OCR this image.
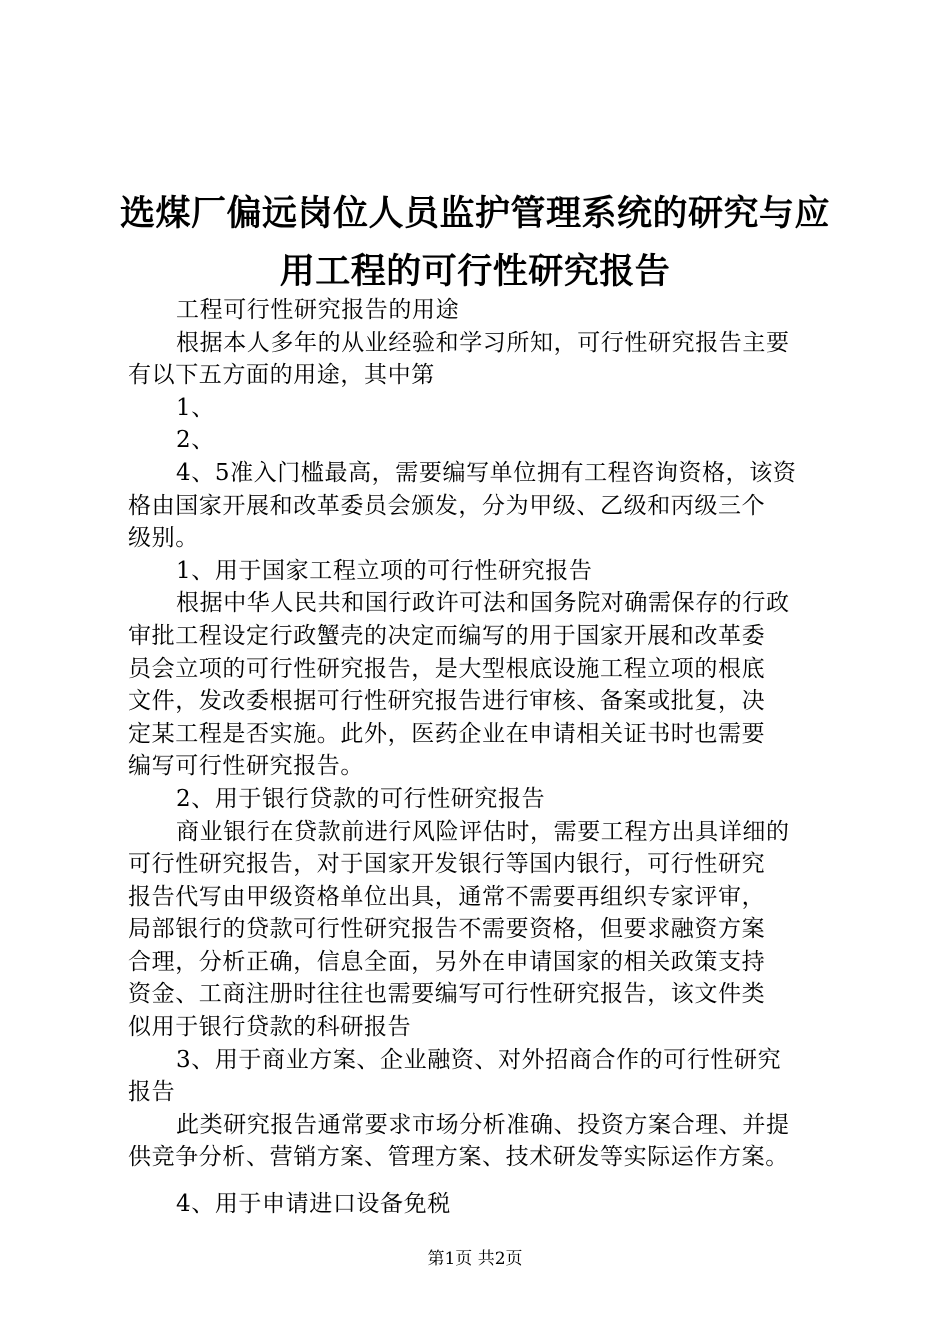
选煤厂偏远岗位人员监护管理系统的研究与应
用工程的可行性研究报告

工程可行性研究报告的用途

根据本人多年的从业经验和学习所知，可行性研究报告主要

有以下五方面的用途，其中第

1、

2、

4、5准入门槛最高，需要编写单位拥有工程咨询资格，该资

格由国家开展和改革委员会颁发，分为甲级、乙级和丙级三个

级别。

1、用于国家工程立项的可行性研究报告

根据中华人民共和国行政许可法和国务院对确需保存的行政

审批工程设定行政蟹壳的决定而编写的用于国家开展和改革委

员会立项的可行性研究报告，是大型根底设施工程立项的根底

文件，发改委根据可行性研究报告进行审核、备案或批复，决

定某工程是否实施。此外，医药企业在申请相关证书时也需要

编写可行性研究报告。

2、用于银行贷款的可行性研究报告

商业银行在贷款前进行风险评估时，需要工程方出具详细的

可行性研究报告，对于国家开发银行等国内银行，可行性研究

报告代写由甲级资格单位出具，通常不需要再组织专家评审，

局部银行的贷款可行性研究报告不需要资格，但要求融资方案

合理，分析正确，信息全面，另外在申请国家的相关政策支持

资金、工商注册时往往也需要编写可行性研究报告，该文件类

似用于银行贷款的科研报告

3、用于商业方案、企业融资、对外招商合作的可行性研究

报告

此类研究报告通常要求市场分析准确、投资方案合理、并提

供竞争分析、营销方案、管理方案、技术研发等实际运作方案。

4、用于申请进口设备免税

第1页 共2页
